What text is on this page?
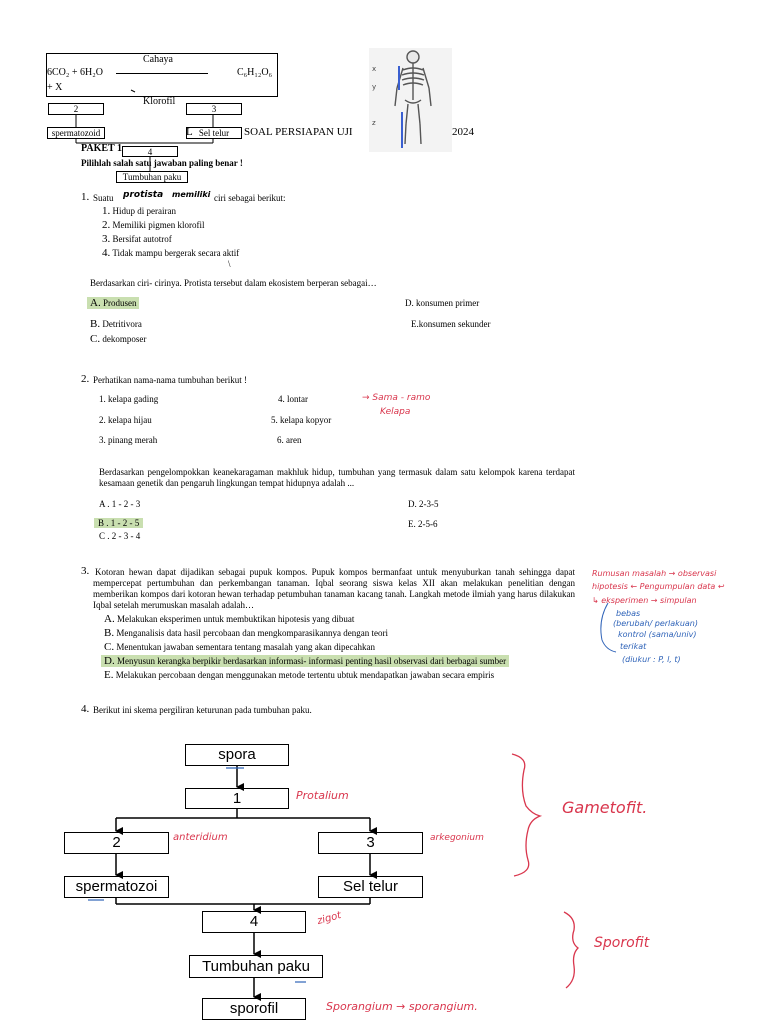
Cahaya
6CO₂ + 6H₂O
+ X
C₆H₁₂O₆
Klorofil
2	3
spermatozoid	Sel telur
4
Tumbuhan paku
x
y
z
L	SOAL PERSIAPAN UJI	2024
PAKET 1
Pilihlah salah satu jawaban paling benar !
1. Suatu protista memiliki ciri sebagai berikut:
1. Hidup di perairan
2. Memiliki pigmen klorofil
3. Bersifat autotrof
4. Tidak mampu bergerak secara aktif
Berdasarkan ciri- cirinya. Protista tersebut dalam ekosistem berperan sebagai…
A. Produsen
B. Detritivora
C. dekomposer
D. konsumen primer
E.konsumen sekunder
2. Perhatikan nama-nama tumbuhan berikut !
1. kelapa gading
2. kelapa hijau
3. pinang merah
4. lontar
5. kelapa kopyor
6. aren
→ Sama - ramo
Kelapa
Berdasarkan pengelompokkan keanekaragaman makhluk hidup, tumbuhan yang termasuk dalam satu kelompok karena terdapat kesamaan genetik dan pengaruh lingkungan tempat hidupnya adalah ...
A . 1 - 2 - 3
B . 1 - 2 - 5
C . 2 - 3 - 4
D. 2-3-5
E. 2-5-6
3. Kotoran hewan dapat dijadikan sebagai pupuk kompos. Pupuk kompos bermanfaat untuk menyuburkan tanah sehingga dapat mempercepat pertumbuhan dan perkembangan tanaman. Iqbal seorang siswa kelas XII akan melakukan penelitian dengan memberikan kompos dari kotoran hewan terhadap petumbuhan tanaman kacang tanah. Langkah metode ilmiah yang harus dilakukan Iqbal setelah merumuskan masalah adalah…
A. Melakukan eksperimen untuk membuktikan hipotesis yang dibuat
B. Menganalisis data hasil percobaan dan mengkomparasikannya dengan teori
C. Menentukan jawaban sementara tentang masalah yang akan dipecahkan
D. Menyusun kerangka berpikir berdasarkan informasi- informasi penting hasil observasi dari berbagai sumber
E. Melakukan percobaan dengan menggunakan metode tertentu ubtuk mendapatkan jawaban secara empiris
Rumusan masalah → observasi
hipotesis ← Pengumpulan data ↩
↳ eksperimen → simpulan
bebas
(berubah/ perlakuan)
kontrol (sama/univ)
terikat
(diukur : P, l, t)
4. Berikut ini skema pergiliran keturunan pada tumbuhan paku.
spora
1
2	3
spermatozoi	Sel telur
4
Tumbuhan paku
sporofil
Protalium
anteridium	arkegonium
zigot
Gametofit.
Sporofit
Sporangium → sporangium.
\
